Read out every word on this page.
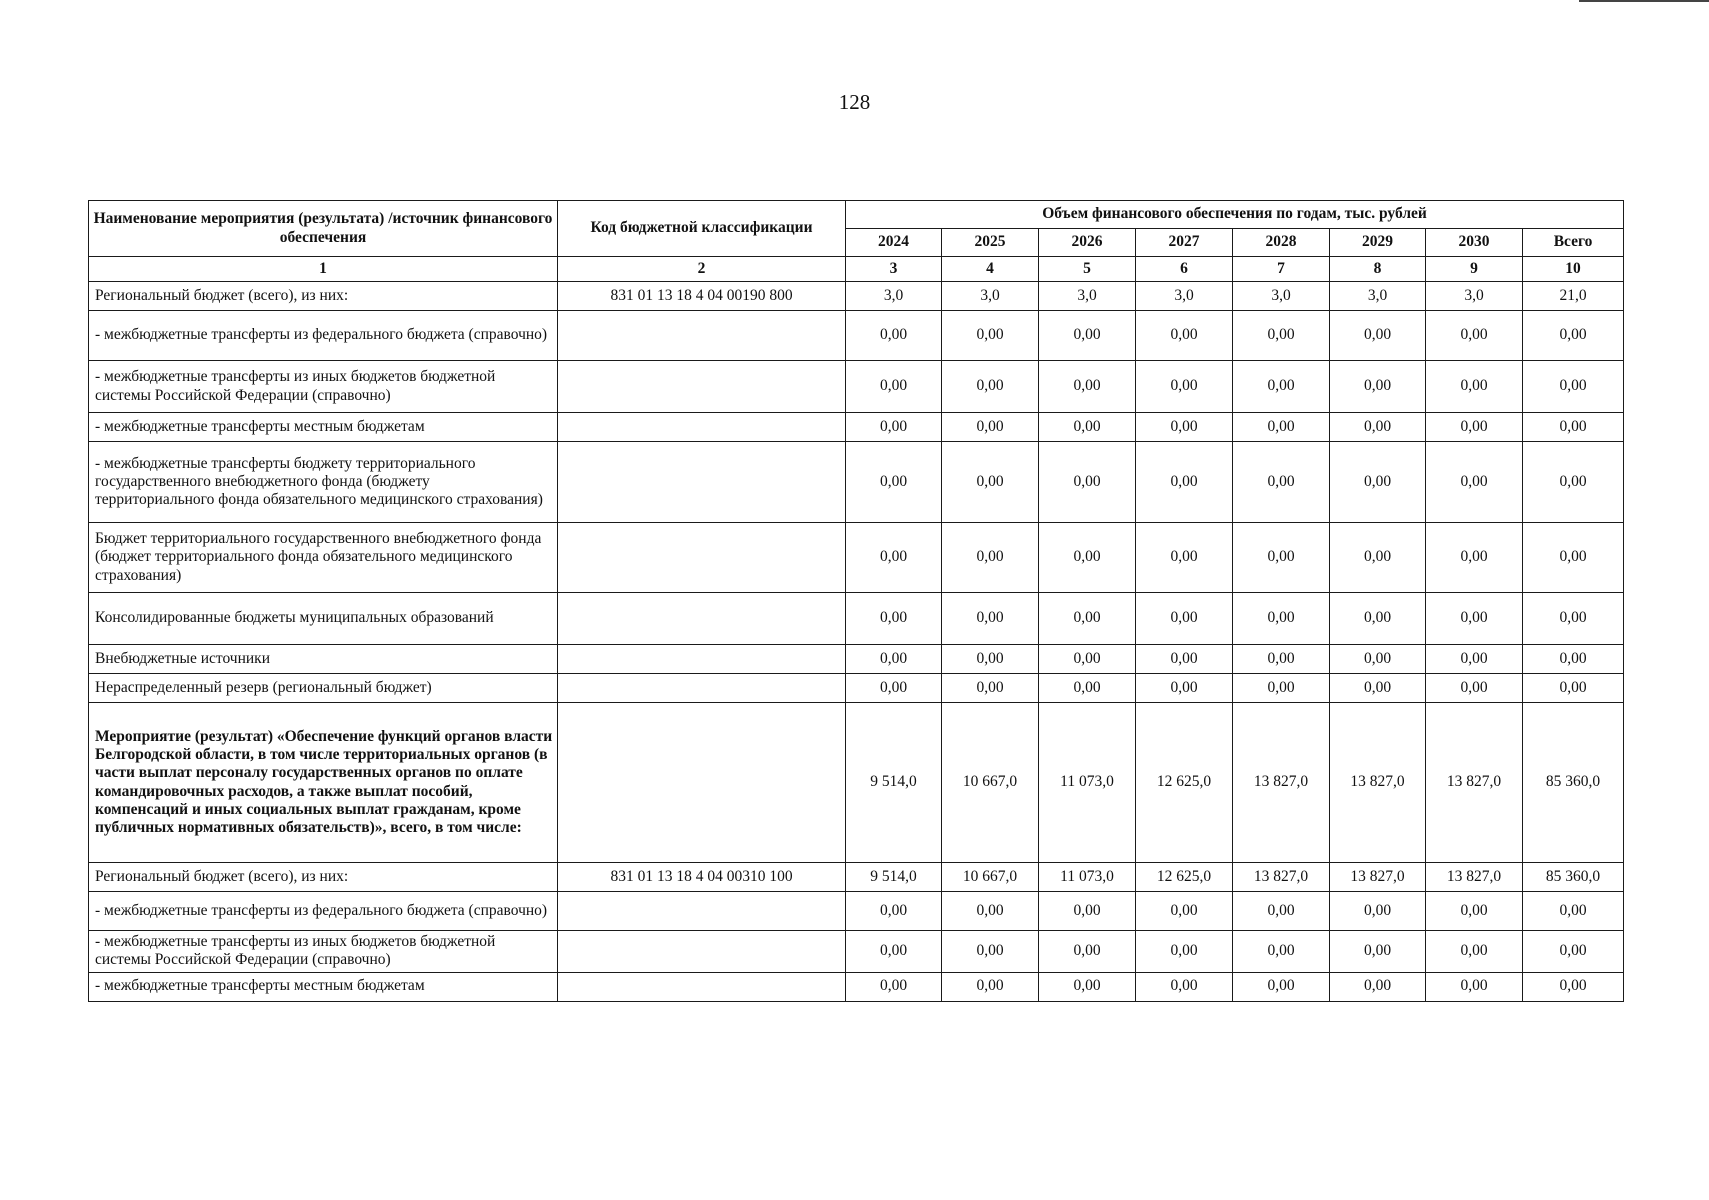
128
Наименование мероприятия (результата) /источник финансового обеспечения	Код бюджетной классификации	Объем финансового обеспечения по годам, тыс. рублей							
		2024	2025	2026	2027	2028	2029	2030	Всего
1	2	3	4	5	6	7	8	9	10
Региональный бюджет (всего), из них:	831 01 13 18 4 04 00190 800	3,0	3,0	3,0	3,0	3,0	3,0	3,0	21,0
- межбюджетные трансферты из федерального бюджета (справочно)		0,00	0,00	0,00	0,00	0,00	0,00	0,00	0,00
- межбюджетные трансферты из иных бюджетов бюджетной системы Российской Федерации (справочно)		0,00	0,00	0,00	0,00	0,00	0,00	0,00	0,00
- межбюджетные трансферты местным бюджетам		0,00	0,00	0,00	0,00	0,00	0,00	0,00	0,00
- межбюджетные трансферты бюджету территориального государственного внебюджетного фонда (бюджету территориального фонда обязательного медицинского страхования)		0,00	0,00	0,00	0,00	0,00	0,00	0,00	0,00
Бюджет территориального государственного внебюджетного фонда (бюджет территориального фонда обязательного медицинского страхования)		0,00	0,00	0,00	0,00	0,00	0,00	0,00	0,00
Консолидированные бюджеты муниципальных образований		0,00	0,00	0,00	0,00	0,00	0,00	0,00	0,00
Внебюджетные источники		0,00	0,00	0,00	0,00	0,00	0,00	0,00	0,00
Нераспределенный резерв (региональный бюджет)		0,00	0,00	0,00	0,00	0,00	0,00	0,00	0,00
Мероприятие (результат) «Обеспечение функций органов власти Белгородской области, в том числе территориальных органов (в части выплат персоналу государственных органов по оплате командировочных расходов, а также выплат пособий, компенсаций и иных социальных выплат гражданам, кроме публичных нормативных обязательств)», всего, в том числе:		9 514,0	10 667,0	11 073,0	12 625,0	13 827,0	13 827,0	13 827,0	85 360,0
Региональный бюджет (всего), из них:	831 01 13 18 4 04 00310 100	9 514,0	10 667,0	11 073,0	12 625,0	13 827,0	13 827,0	13 827,0	85 360,0
- межбюджетные трансферты из федерального бюджета (справочно)		0,00	0,00	0,00	0,00	0,00	0,00	0,00	0,00
- межбюджетные трансферты из иных бюджетов бюджетной системы Российской Федерации (справочно)		0,00	0,00	0,00	0,00	0,00	0,00	0,00	0,00
- межбюджетные трансферты местным бюджетам		0,00	0,00	0,00	0,00	0,00	0,00	0,00	0,00
